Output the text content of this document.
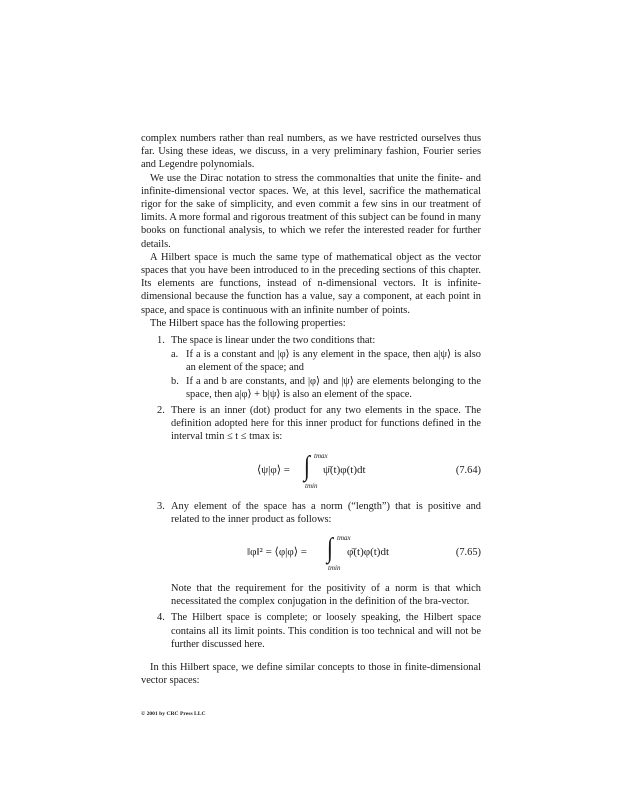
complex numbers rather than real numbers, as we have restricted ourselves thus far. Using these ideas, we discuss, in a very preliminary fashion, Fourier series and Legendre polynomials.

We use the Dirac notation to stress the commonalties that unite the finite- and infinite-dimensional vector spaces. We, at this level, sacrifice the mathematical rigor for the sake of simplicity, and even commit a few sins in our treatment of limits. A more formal and rigorous treatment of this subject can be found in many books on functional analysis, to which we refer the interested reader for further details.

A Hilbert space is much the same type of mathematical object as the vector spaces that you have been introduced to in the preceding sections of this chapter. Its elements are functions, instead of n-dimensional vectors. It is infinite-dimensional because the function has a value, say a component, at each point in space, and space is continuous with an infinite number of points.

The Hilbert space has the following properties:

1. The space is linear under the two conditions that:

a. If a is a constant and |φ⟩ is any element in the space, then a|ψ⟩ is also an element of the space; and

b. If a and b are constants, and |φ⟩ and |ψ⟩ are elements belonging to the space, then a|φ⟩ + b|ψ⟩ is also an element of the space.

2. There is an inner (dot) product for any two elements in the space. The definition adopted here for this inner product for functions defined in the interval tmin ≤ t ≤ tmax is:

⟨ψ|φ⟩ = ∫ tmax
tmin
ψ̄(t)φ(t)dt	(7.64)
3. Any element of the space has a norm (“length”) that is positive and related to the inner product as follows:

‖φ‖² = ⟨φ|φ⟩ = ∫ tmax
tmin
φ̄(t)φ(t)dt	(7.65)

Note that the requirement for the positivity of a norm is that which necessitated the complex conjugation in the definition of the bra-vector.

4. The Hilbert space is complete; or loosely speaking, the Hilbert space contains all its limit points. This condition is too technical and will not be further discussed here.

In this Hilbert space, we define similar concepts to those in finite-dimensional vector spaces:

© 2001 by CRC Press LLC
